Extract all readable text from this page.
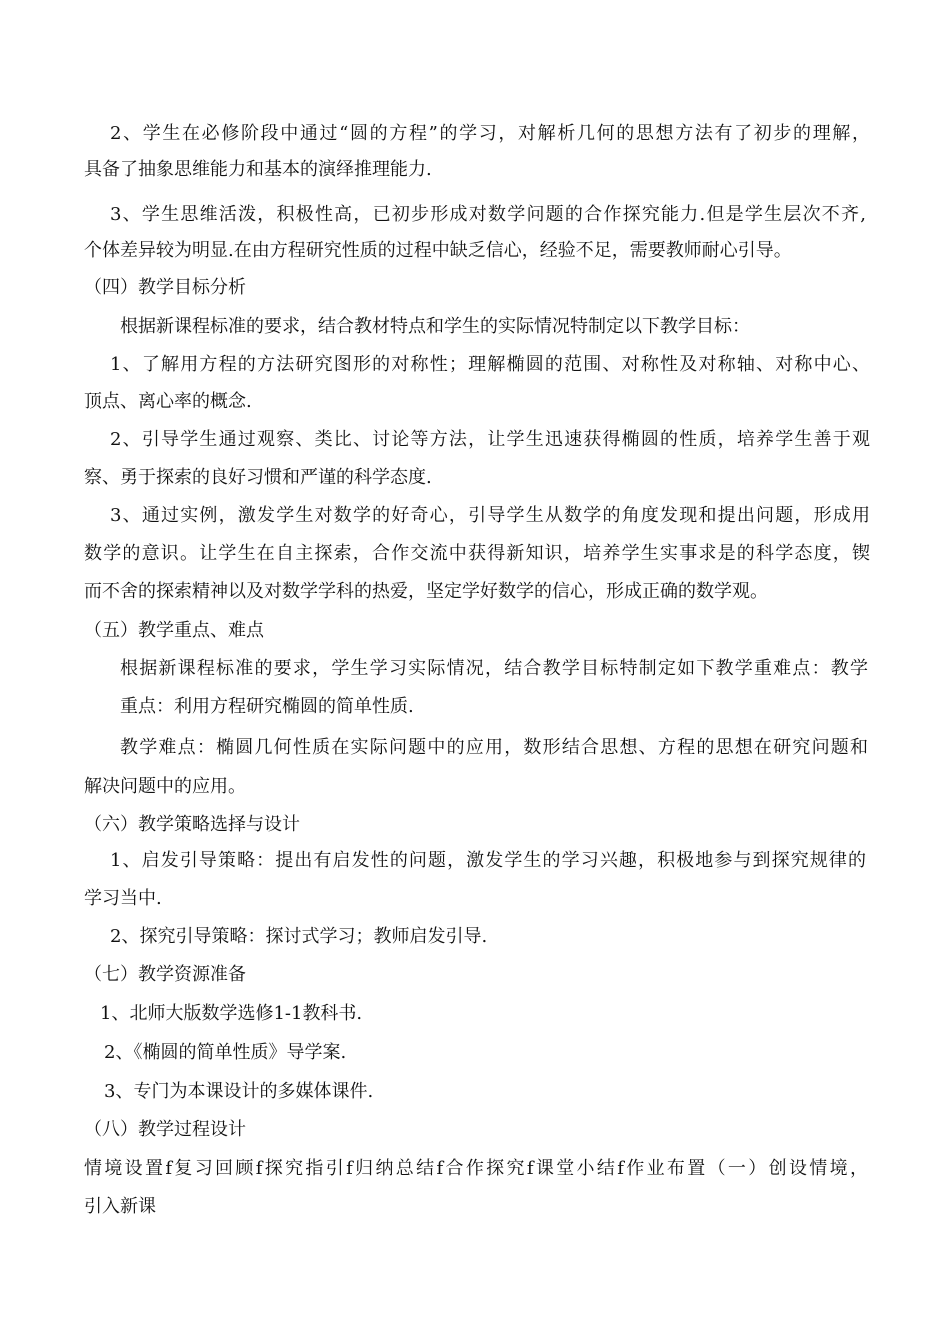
2、学生在必修阶段中通过“圆的方程”的学习，对解析几何的思想方法有了初步的理解，
具备了抽象思维能力和基本的演绎推理能力.
3、学生思维活泼，积极性高，已初步形成对数学问题的合作探究能力.但是学生层次不齐,
个体差异较为明显.在由方程研究性质的过程中缺乏信心，经验不足，需要教师耐心引导。
（四）教学目标分析
根据新课程标准的要求，结合教材特点和学生的实际情况特制定以下教学目标：
1、了解用方程的方法研究图形的对称性；理解椭圆的范围、对称性及对称轴、对称中心、
顶点、离心率的概念.
2、引导学生通过观察、类比、讨论等方法，让学生迅速获得椭圆的性质，培养学生善于观
察、勇于探索的良好习惯和严谨的科学态度.
3、通过实例，激发学生对数学的好奇心，引导学生从数学的角度发现和提出问题，形成用
数学的意识。让学生在自主探索，合作交流中获得新知识，培养学生实事求是的科学态度，锲
而不舍的探索精神以及对数学学科的热爱，坚定学好数学的信心，形成正确的数学观。
（五）教学重点、难点
根据新课程标准的要求，学生学习实际情况，结合教学目标特制定如下教学重难点：教学
重点：利用方程研究椭圆的简单性质.
教学难点：椭圆几何性质在实际问题中的应用，数形结合思想、方程的思想在研究问题和
解决问题中的应用。
（六）教学策略选择与设计
1、启发引导策略：提出有启发性的问题，激发学生的学习兴趣，积极地参与到探究规律的
学习当中.
2、探究引导策略：探讨式学习；教师启发引导.
（七）教学资源准备
1、北师大版数学选修1-1教科书.
2、《椭圆的简单性质》导学案.
3、专门为本课设计的多媒体课件.
（八）教学过程设计
情境设置f复习回顾f探究指引f归纳总结f合作探究f课堂小结f作业布置（一）创设情境，
引入新课
